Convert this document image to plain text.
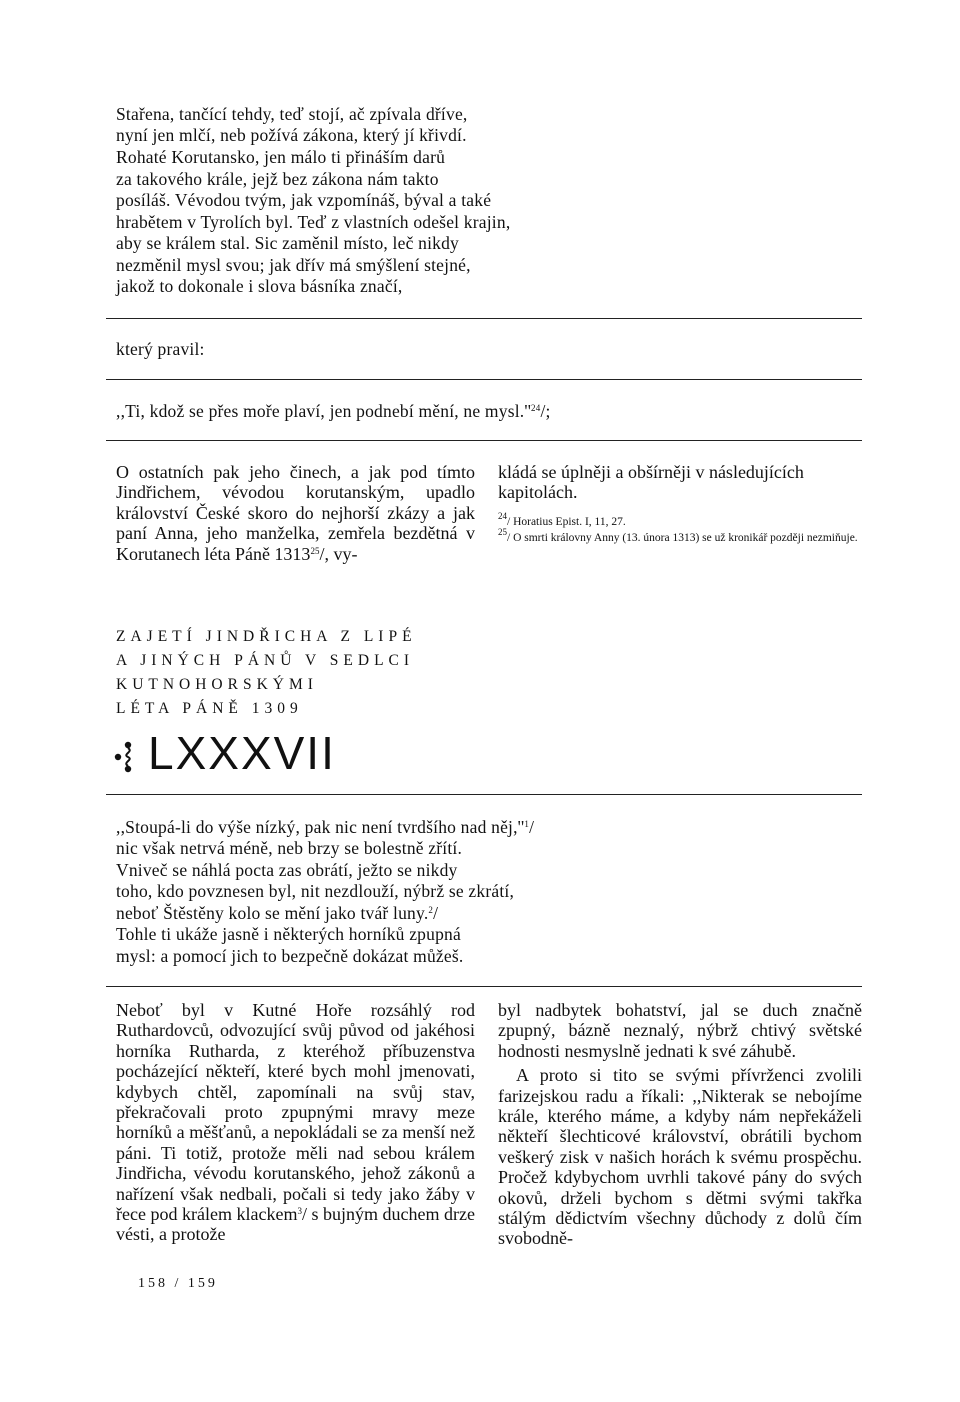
Stařena, tančící tehdy, teď stojí, ač zpívala dříve,
nyní jen mlčí, neb požívá zákona, který jí křivdí.
Rohaté Korutansko, jen málo ti přináším darů
za takového krále, jejž bez zákona nám takto
posíláš. Vévodou tvým, jak vzpomínáš, býval a také
hrabětem v Tyrolích byl. Teď z vlastních odešel krajin,
aby se králem stal. Sic zaměnil místo, leč nikdy
nezměnil mysl svou; jak dřív má smýšlení stejné,
jakož to dokonale i slova básníka značí,
který pravil:
,,Ti, kdož se přes moře plaví, jen podnebí mění, ne $mysl.''^{24}/$;

O ostatních pak jeho činech, a jak pod tímto Jindřichem, vévodou korutanským, upadlo království České skoro do nejhorší zkázy a jak paní Anna, jeho manželka, zemřela bezdětná v Korutanech léta Páně 1313$^{25}$/, vy-

kládá se úplněji a obšírněji v následujících kapitolách.

$^{24}$/ Horatius Epist. I, 11, 27.

$^{25}$/ O smrti královny Anny (13. února 1313) se už kronikář později nezmiňuje.

ZAJETÍ JINDŘICHA Z LIPÉ
A JINÝCH PÁNŮ V SEDLCI
KUTNOHORSKÝMI
LÉTA PÁNĚ 1309
LXXXVII
,,Stoupá-li do výše nízký, pak nic není tvrdšího nad $něj,''^1/$
nic však netrvá méně, neb brzy se bolestně zřítí.
Vniveč se náhlá pocta zas obrátí, ježto se nikdy
toho, kdo povznesen byl, nit nezdlouží, nýbrž se zkrátí,
neboť Štěstěny kolo se mění jako tvář luny.$^2$/
Tohle ti ukáže jasně i některých horníků zpupná
mysl: a pomocí jich to bezpečně dokázat můžeš.

Neboť byl v Kutné Hoře rozsáhlý rod Ruthardovců, odvozující svůj původ od jakéhosi horníka Rutharda, z kteréhož příbuzenstva pocházející někteří, které bych mohl jmenovati, kdybych chtěl, zapomínali na svůj stav, překračovali proto zpupnými mravy meze horníků a měšťanů, a nepokládali se za menší než páni. Ti totiž, protože měli nad sebou králem Jindřicha, vévodu korutanského, jehož zákonů a nařízení však nedbali, počali si tedy jako žáby v řece pod králem klackem$^3$/ s bujným duchem drze vésti, a protože

byl nadbytek bohatství, jal se duch značně zpupný, bázně neznalý, nýbrž chtivý světské hodnosti nesmyslně jednati k své záhubě.

A proto si tito se svými přívrženci zvolili farizejskou radu a říkali: ,,Nikterak se nebojíme krále, kterého máme, a kdyby nám nepřekáželi někteří šlechticové království, obrátili bychom veškerý zisk v našich horách k svému prospěchu. Pročež kdybychom uvrhli takové pány do svých okovů, drželi bychom s dětmi svými takřka stálým dědictvím všechny důchody z dolů čím svobodně-

158 / 159
